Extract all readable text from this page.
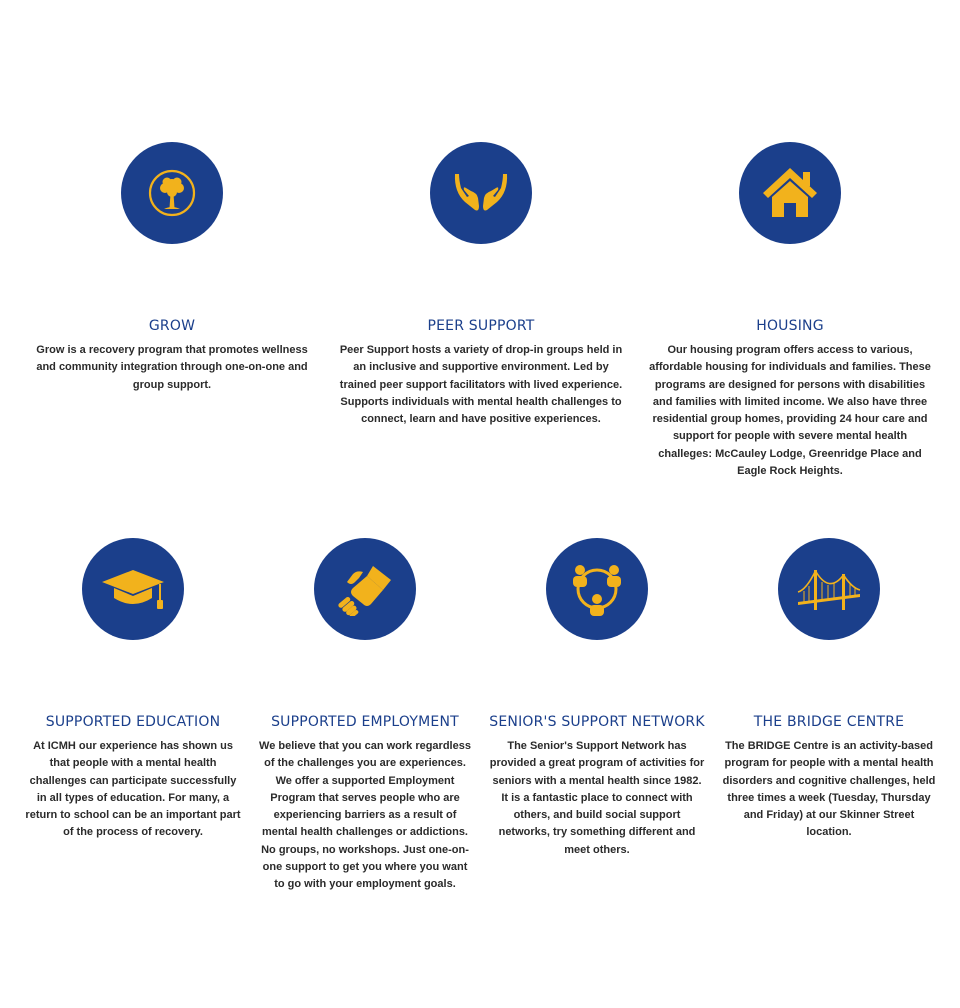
GROW

Grow is a recovery program that promotes wellness and community integration through one-on-one and group support.

PEER SUPPORT

Peer Support hosts a variety of drop-in groups held in an inclusive and supportive environment. Led by trained peer support facilitators with lived experience. Supports individuals with mental health challenges to connect, learn and have positive experiences.

HOUSING

Our housing program offers access to various, affordable housing for individuals and families. These programs are designed for persons with disabilities and families with limited income. We also have three residential group homes, providing 24 hour care and support for people with severe mental health challeges: McCauley Lodge, Greenridge Place and Eagle Rock Heights.

SUPPORTED EDUCATION

At ICMH our experience has shown us that people with a mental health challenges can participate successfully in all types of education. For many, a return to school can be an important part of the process of recovery.

SUPPORTED EMPLOYMENT

We believe that you can work regardless of the challenges you are experiences. We offer a supported Employment Program that serves people who are experiencing barriers as a result of mental health challenges or addictions. No groups, no workshops. Just one-on-one support to get you where you want to go with your employment goals.

SENIOR'S SUPPORT NETWORK

The Senior's Support Network has provided a great program of activities for seniors with a mental health since 1982. It is a fantastic place to connect with others, and build social support networks, try something different and meet others.

THE BRIDGE CENTRE

The BRIDGE Centre is an activity-based program for people with a mental health disorders and cognitive challenges, held three times a week (Tuesday, Thursday and Friday) at our Skinner Street location.
